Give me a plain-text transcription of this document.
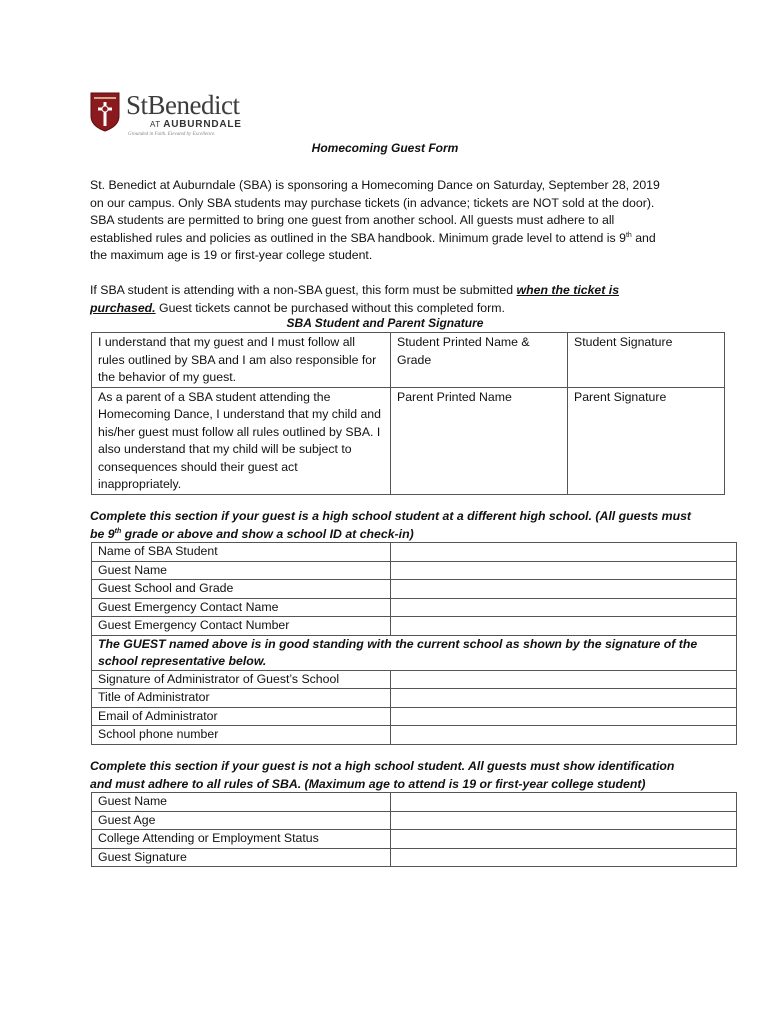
StBenedict
AT AUBURNDALE
Grounded in Faith. Elevated by Excellence.
Homecoming Guest Form

St. Benedict at Auburndale (SBA) is sponsoring a Homecoming Dance on Saturday, September 28, 2019

on our campus. Only SBA students may purchase tickets (in advance; tickets are NOT sold at the door).

SBA students are permitted to bring one guest from another school. All guests must adhere to all

established rules and policies as outlined in the SBA handbook. Minimum grade level to attend is 9th and

the maximum age is 19 or first-year college student.

If SBA student is attending with a non-SBA guest, this form must be submitted when the ticket is

purchased. Guest tickets cannot be purchased without this completed form.

SBA Student and Parent Signature
I understand that my guest and I must follow all rules outlined by SBA and I am also responsible for the behavior of my guest.	Student Printed Name & Grade	Student Signature
As a parent of a SBA student attending the Homecoming Dance, I understand that my child and his/her guest must follow all rules outlined by SBA. I also understand that my child will be subject to consequences should their guest act inappropriately.	Parent Printed Name	Parent Signature

Complete this section if your guest is a high school student at a different high school. (All guests must

be 9th grade or above and show a school ID at check-in)

Name of SBA Student	
Guest Name	
Guest School and Grade	
Guest Emergency Contact Name	
Guest Emergency Contact Number	
The GUEST named above is in good standing with the current school as shown by the signature of the school representative below.	
Signature of Administrator of Guest’s School	
Title of Administrator	
Email of Administrator	
School phone number	

Complete this section if your guest is not a high school student. All guests must show identification

and must adhere to all rules of SBA. (Maximum age to attend is 19 or first-year college student)

Guest Name	
Guest Age	
College Attending or Employment Status	
Guest Signature	
